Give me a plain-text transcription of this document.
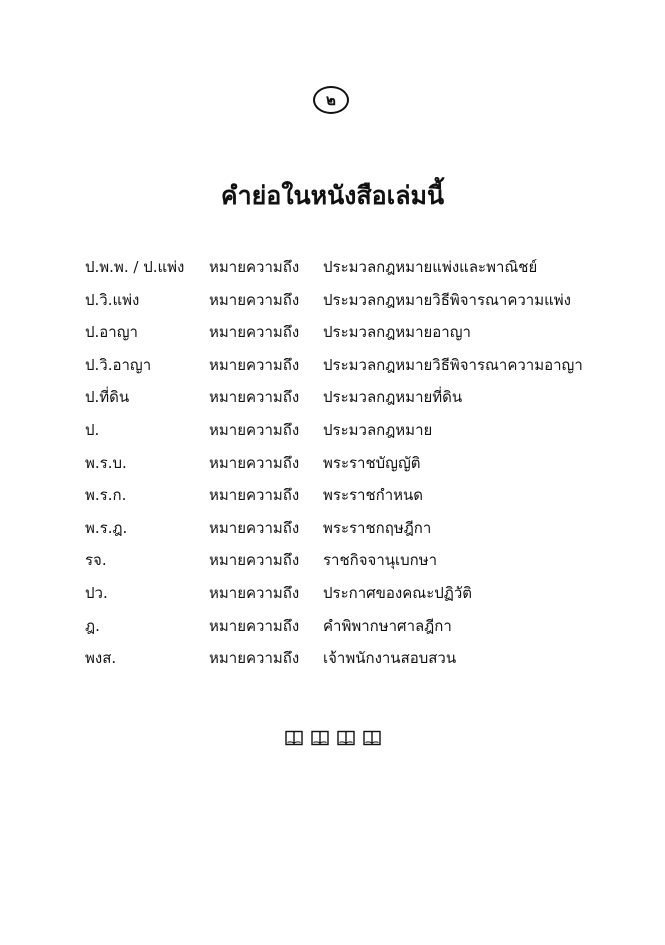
๒
คำย่อในหนังสือเล่มนี้
ป.พ.พ. / ป.แพ่ง หมายความถึง ประมวลกฎหมายแพ่งและพาณิชย์
ป.วิ.แพ่ง	หมายความถึง ประมวลกฎหมายวิธีพิจารณาความแพ่ง
ป.อาญา	หมายความถึง ประมวลกฎหมายอาญา
ป.วิ.อาญา	หมายความถึง ประมวลกฎหมายวิธีพิจารณาความอาญา
ป.ที่ดิน	หมายความถึง ประมวลกฎหมายที่ดิน
ป.	หมายความถึง ประมวลกฎหมาย
พ.ร.บ.	หมายความถึง พระราชบัญญัติ
พ.ร.ก.	หมายความถึง พระราชกำหนด
พ.ร.ฎ.	หมายความถึง พระราชกฤษฎีกา
รจ.	หมายความถึง ราชกิจจานุเบกษา
ปว.	หมายความถึง ประกาศของคณะปฏิวัติ
ฎ.	หมายความถึง คำพิพากษาศาลฎีกา
พงส.	หมายความถึง เจ้าพนักงานสอบสวน
